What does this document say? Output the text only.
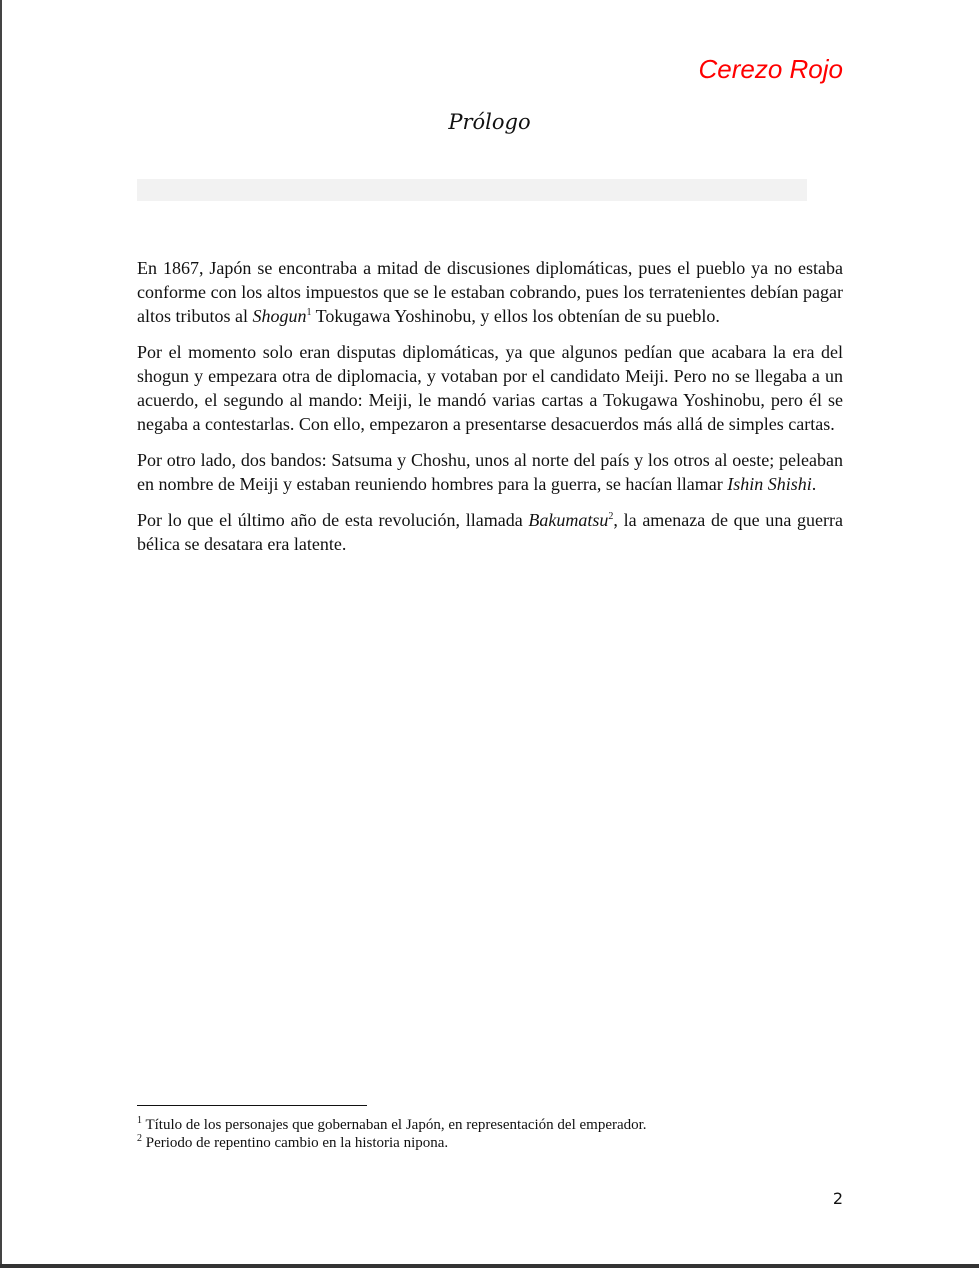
Cerezo Rojo
Prólogo

En 1867, Japón se encontraba a mitad de discusiones diplomáticas, pues el pueblo ya no estaba conforme con los altos impuestos que se le estaban cobrando, pues los terratenientes debían pagar altos tributos al Shogun$^1$ Tokugawa Yoshinobu, y ellos los obtenían de su pueblo.

Por el momento solo eran disputas diplomáticas, ya que algunos pedían que acabara la era del shogun y empezara otra de diplomacia, y votaban por el candidato Meiji. Pero no se llegaba a un acuerdo, el segundo al mando: Meiji, le mandó varias cartas a Tokugawa Yoshinobu, pero él se negaba a contestarlas. Con ello, empezaron a presentarse desacuerdos más allá de simples cartas.

Por otro lado, dos bandos: Satsuma y Choshu, unos al norte del país y los otros al oeste; peleaban en nombre de Meiji y estaban reuniendo hombres para la guerra, se hacían llamar Ishin Shishi.

Por lo que el último año de esta revolución, llamada Bakumatsu$^2$, la amenaza de que una guerra bélica se desatara era latente.

$^1$ Título de los personajes que gobernaban el Japón, en representación del emperador.
$^2$ Periodo de repentino cambio en la historia nipona.
2
